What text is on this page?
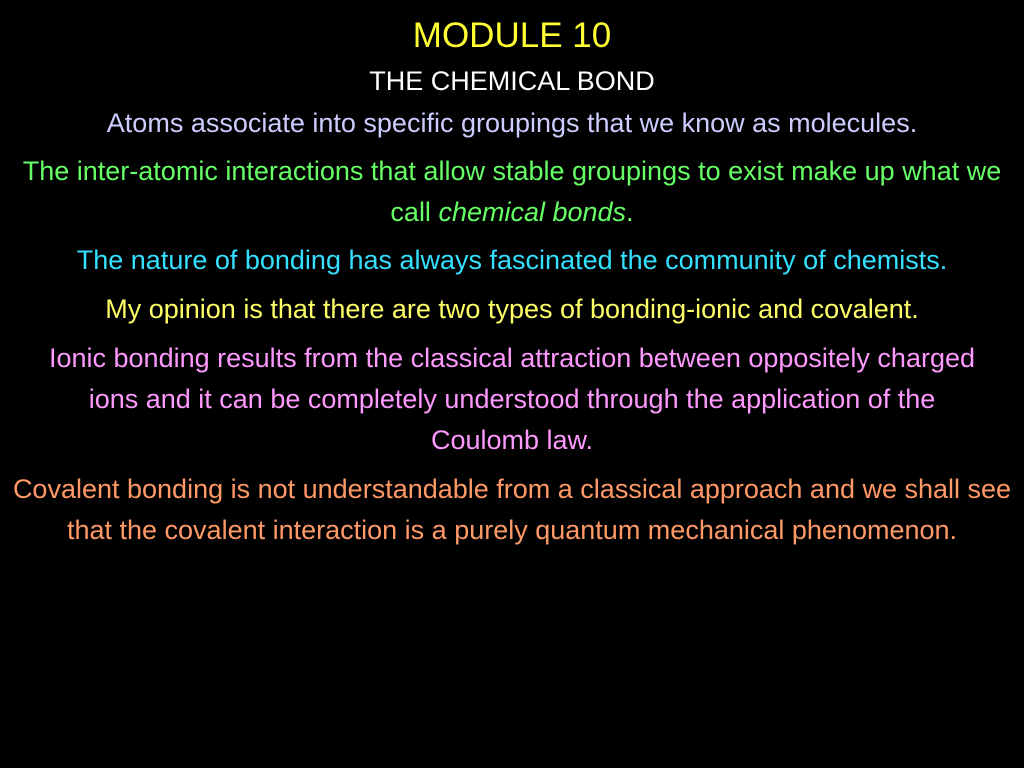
MODULE 10
THE CHEMICAL BOND

Atoms associate into specific groupings that we know as molecules.

The inter-atomic interactions that allow stable groupings to exist make up what we call chemical bonds.

The nature of bonding has always fascinated the community of chemists.

My opinion is that there are two types of bonding-ionic and covalent.

Ionic bonding results from the classical attraction between oppositely charged ions and it can be completely understood through the application of the Coulomb law.

Covalent bonding is not understandable from a classical approach and we shall see that the covalent interaction is a purely quantum mechanical phenomenon.
